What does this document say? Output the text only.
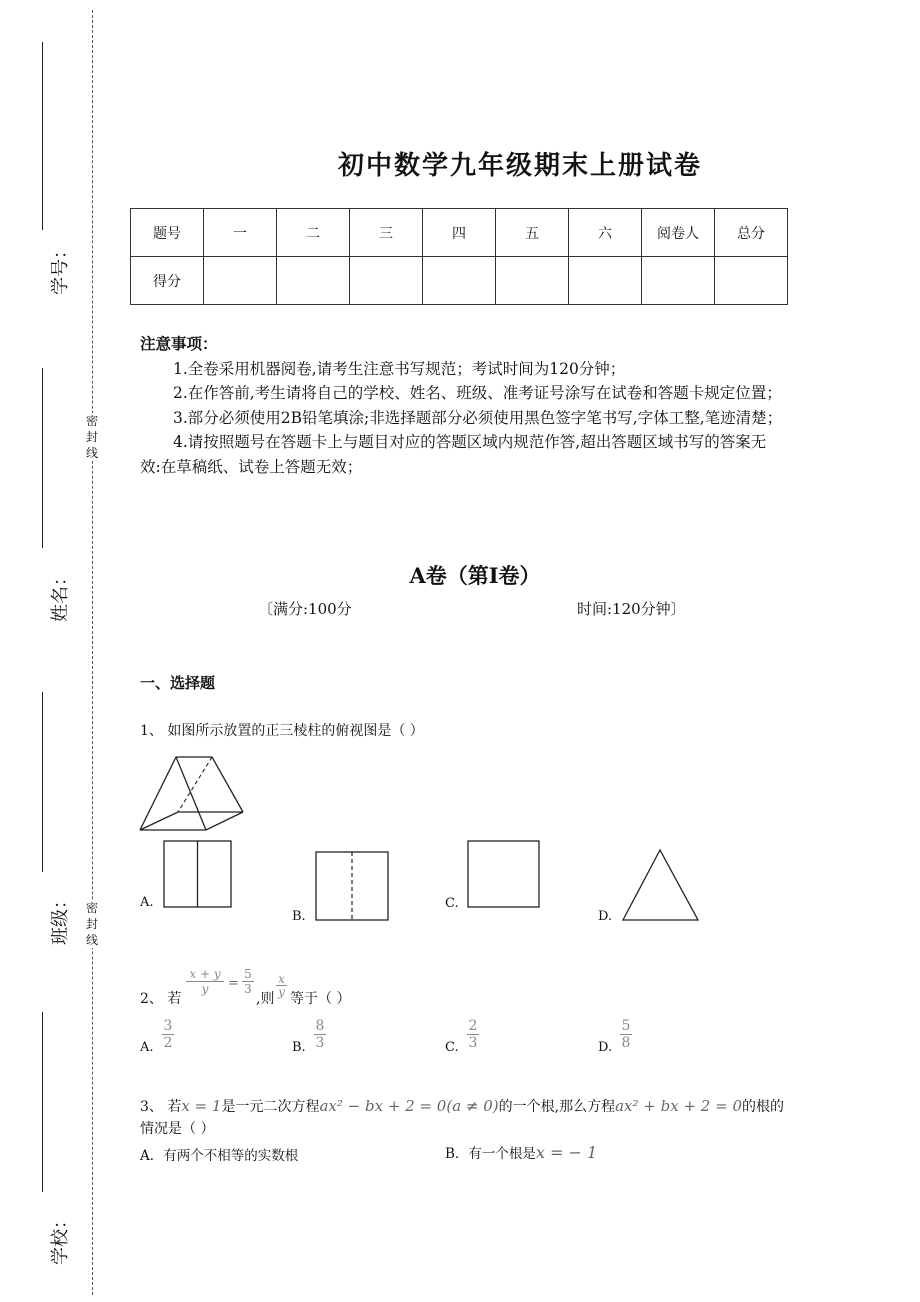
学号：
姓名：
班级：
学校：
密
封
线
密
封
线
初中数学九年级期末上册试卷
题号	一	二	三	四	五	六	阅卷人	总分
得分								
注意事项：

1.全卷采用机器阅卷,请考生注意书写规范；考试时间为120分钟；

2.在作答前,考生请将自己的学校、姓名、班级、准考证号涂写在试卷和答题卡规定位置；

3.部分必须使用2B铅笔填涂;非选择题部分必须使用黑色签字笔书写,字体工整,笔迹清楚；

4.请按照题号在答题卡上与题目对应的答题区域内规范作答,超出答题区域书写的答案无效:在草稿纸、试卷上答题无效；

A卷（第I卷）
〔满分:100分	时间:120分钟〕
一、选择题
1、 如图所示放置的正三棱柱的俯视图是（ ）
A.
B.
C.
D.
2、 若
x + y
y	=
5
3
,则
x
y 等于（ ）
A.
3
2	B.
8
3	C.
2
3	D.
5
8
3、 若x = 1是一元二次方程ax² − bx + 2 = 0(a ≠ 0)的一个根,那么方程ax² + bx + 2 = 0的根的
情况是（ ）
A．有两个不相等的实数根	B．有一个根是x = − 1
